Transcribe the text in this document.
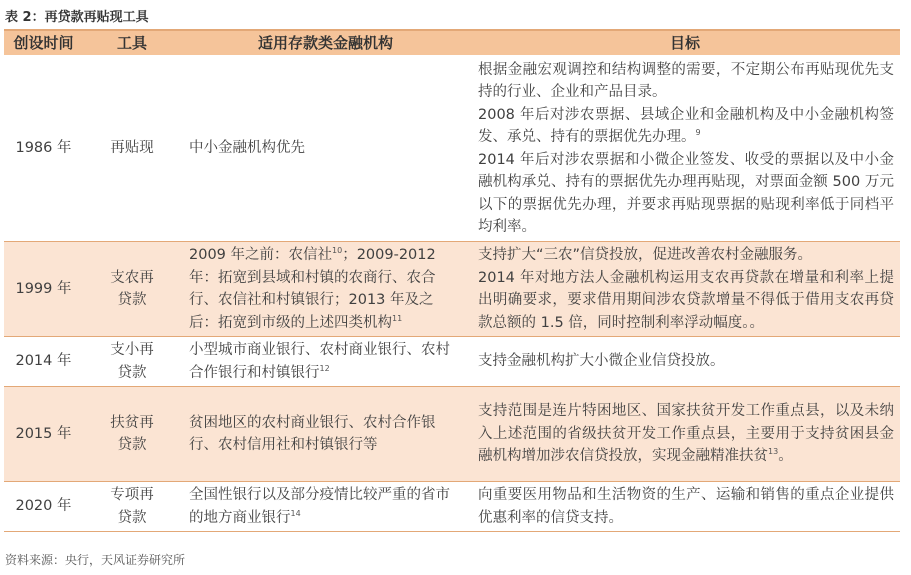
表 2：再贷款再贴现工具
创设时间	工具	适用存款类金融机构	目标
1986 年	再贴现	中小金融机构优先	根据金融宏观调控和结构调整的需要，不定期公布再贴现优先支持的行业、企业和产品目录。
2008 年后对涉农票据、县域企业和金融机构及中小金融机构签发、承兑、持有的票据优先办理。$^9$
2014 年后对涉农票据和小微企业签发、收受的票据以及中小金融机构承兑、持有的票据优先办理再贴现，对票面金额 500 万元以下的票据优先办理，并要求再贴现票据的贴现利率低于同档平均利率。

1999 年	支农再贷款	2009 年之前：农信社$^{10}$；2009-2012 年：拓宽到县域和村镇的农商行、农合行、农信社和村镇银行；2013 年及之后：拓宽到市级的上述四类机构$^{11}$	支持扩大“三农”信贷投放，促进改善农村金融服务。
2014 年对地方法人金融机构运用支农再贷款在增量和利率上提出明确要求，要求借用期间涉农贷款增量不得低于借用支农再贷款总额的 1.5 倍，同时控制利率浮动幅度。。

2014 年	支小再贷款	小型城市商业银行、农村商业银行、农村合作银行和村镇银行$^{12}$	支持金融机构扩大小微企业信贷投放。

2015 年	扶贫再贷款	贫困地区的农村商业银行、农村合作银行、农村信用社和村镇银行等	支持范围是连片特困地区、国家扶贫开发工作重点县，以及未纳入上述范围的省级扶贫开发工作重点县，主要用于支持贫困县金融机构增加涉农信贷投放，实现金融精准扶贫$^{13}$。

2020 年	专项再贷款	全国性银行以及部分疫情比较严重的省市的地方商业银行$^{14}$	向重要医用物品和生活物资的生产、运输和销售的重点企业提供优惠利率的信贷支持。
资料来源：央行，天风证券研究所
